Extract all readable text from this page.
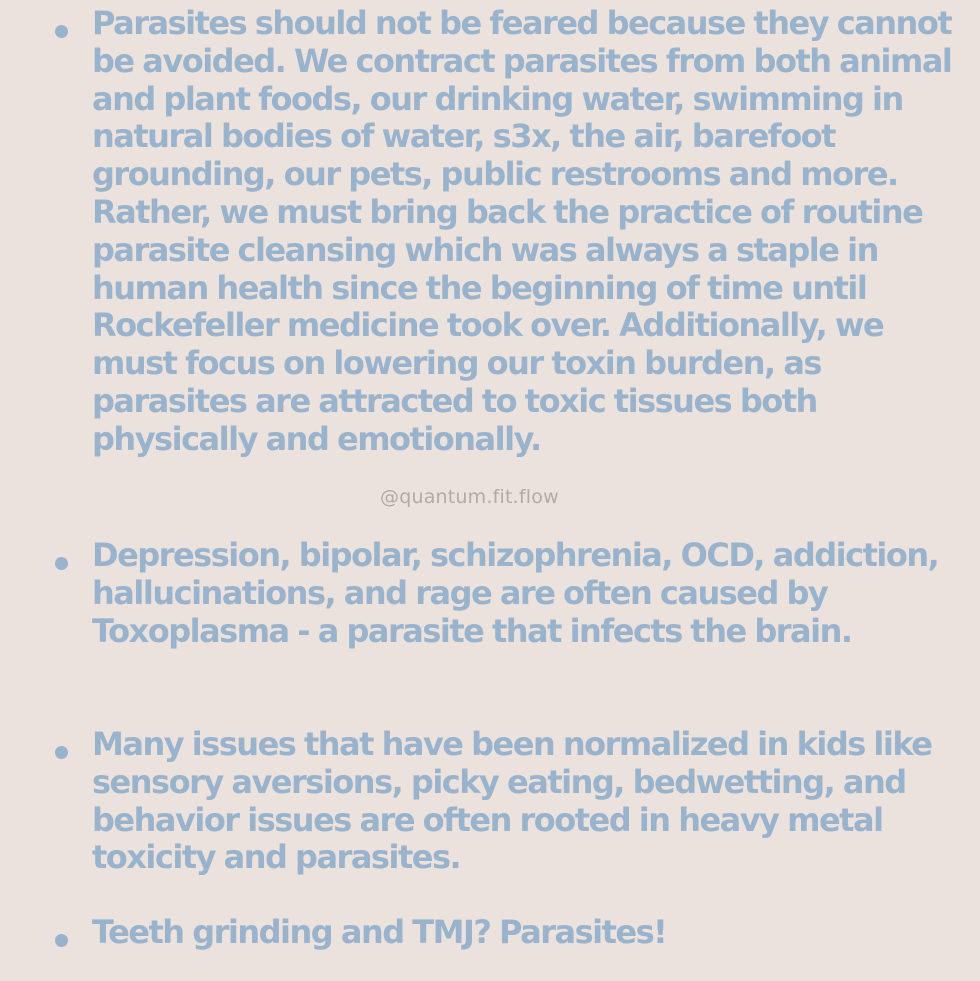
Parasites should not be feared because they cannot be avoided. We contract parasites from both animal and plant foods, our drinking water, swimming in natural bodies of water, s3x, the air, barefoot grounding, our pets, public restrooms and more. Rather, we must bring back the practice of routine parasite cleansing which was always a staple in human health since the beginning of time until Rockefeller medicine took over. Additionally, we must focus on lowering our toxin burden, as parasites are attracted to toxic tissues both physically and emotionally.
Depression, bipolar, schizophrenia, OCD, addiction, hallucinations, and rage are often caused by Toxoplasma - a parasite that infects the brain.
Many issues that have been normalized in kids like sensory aversions, picky eating, bedwetting, and behavior issues are often rooted in heavy metal toxicity and parasites.
Teeth grinding and TMJ? Parasites!
@quantum.fit.flow
